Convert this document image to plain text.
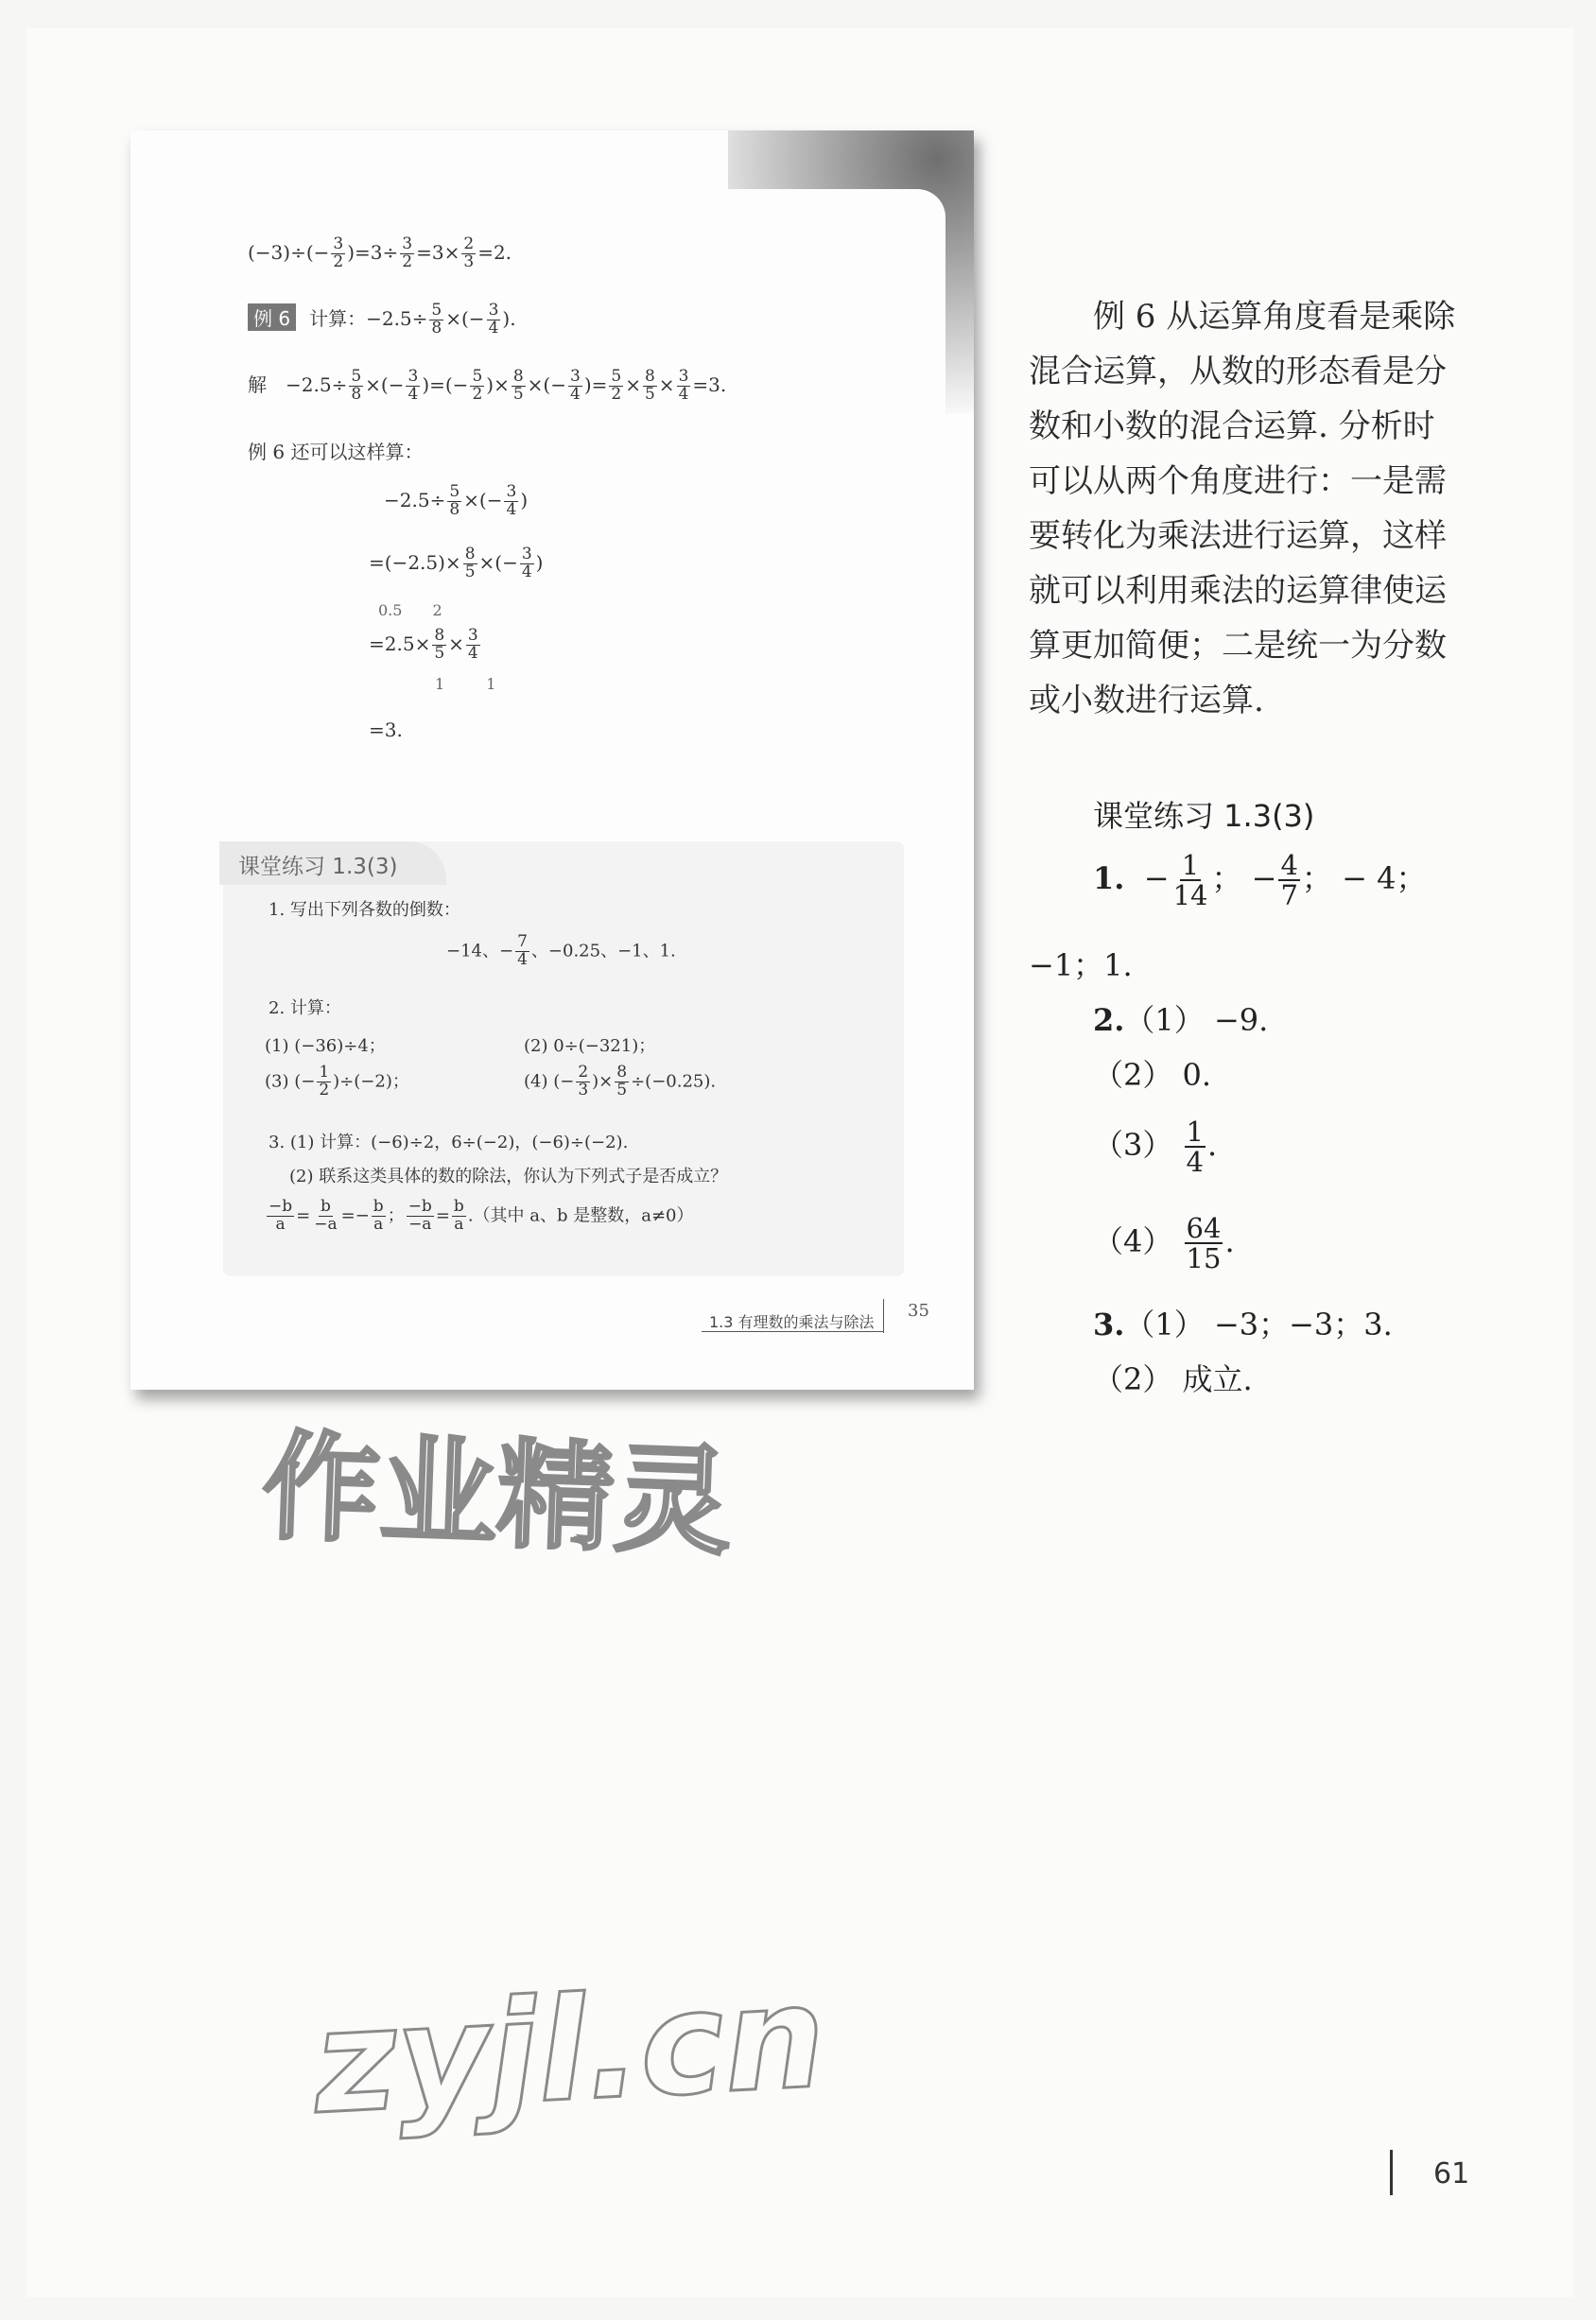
$(-3)\div(- \frac{3}{2} )=3\div \frac{3}{2} =3\times \frac{2}{3} =2$.
例 6 计算：$-2.5\div \frac{5}{8}$ ×(− $\frac{3}{4}$ ).
解 $-2.5\div \frac{5}{8}$ ×(− $\frac{3}{4}$ )=(− $\frac{5}{2}$ )× $\frac{8}{5}$ ×(− $\frac{3}{4}$ )= $\frac{5}{2} \times \frac{8}{5} \times \frac{3}{4} =3$.
例 6 还可以这样算：
$-2.5\div \frac{5}{8}$ ×(− $\frac{3}{4}$ )
$=(-2.5)\times \frac{8}{5}$ ×(− $\frac{3}{4}$ )
0.5 2
$=2.5\times \frac{8}{5} \times \frac{3}{4}$
1	1
=3.
课堂练习 1.3(3)
1. 写出下列各数的倒数：
−14、− $\frac{7}{4}$ 、−0.25、−1、1.
2. 计算：
(1) (−36)÷4；	(2) 0÷(−321)；
(3) (− $\frac{1}{2} )\div(-2)$；	(4) (− $\frac{2}{3}$ )× $\frac{8}{5} \div(-0.25)$.
3. (1) 计算：(−6)÷2，6÷(−2)，(−6)÷(−2).
(2) 联系这类具体的数的除法，你认为下列式子是否成立？
$\frac{-b}{a} = \frac{b}{-a} =- \frac{b}{a}$ ； $\frac{-b}{-a} = \frac{b}{a}$ .（其中 a、b 是整数，a≠0）
1.3 有理数的乘法与除法
35
例 6 从运算角度看是乘除混合运算，从数的形态看是分数和小数的混合运算. 分析时可以从两个角度进行：一是需要转化为乘法进行运算，这样就可以利用乘法的运算律使运算更加简便；二是统一为分数或小数进行运算.
课堂练习 1.3(3)
1. − $\frac{1}{14}$ ； − $\frac{4}{7}$ ； − 4；
−1；1.
2.（1） −9.
（2） 0.
$(3) \frac{1}{4}$ .
$(4) \frac{64}{15}$ .
3.（1） −3；−3；3.
（2） 成立.
作业精灵
zyjl.cn
61
